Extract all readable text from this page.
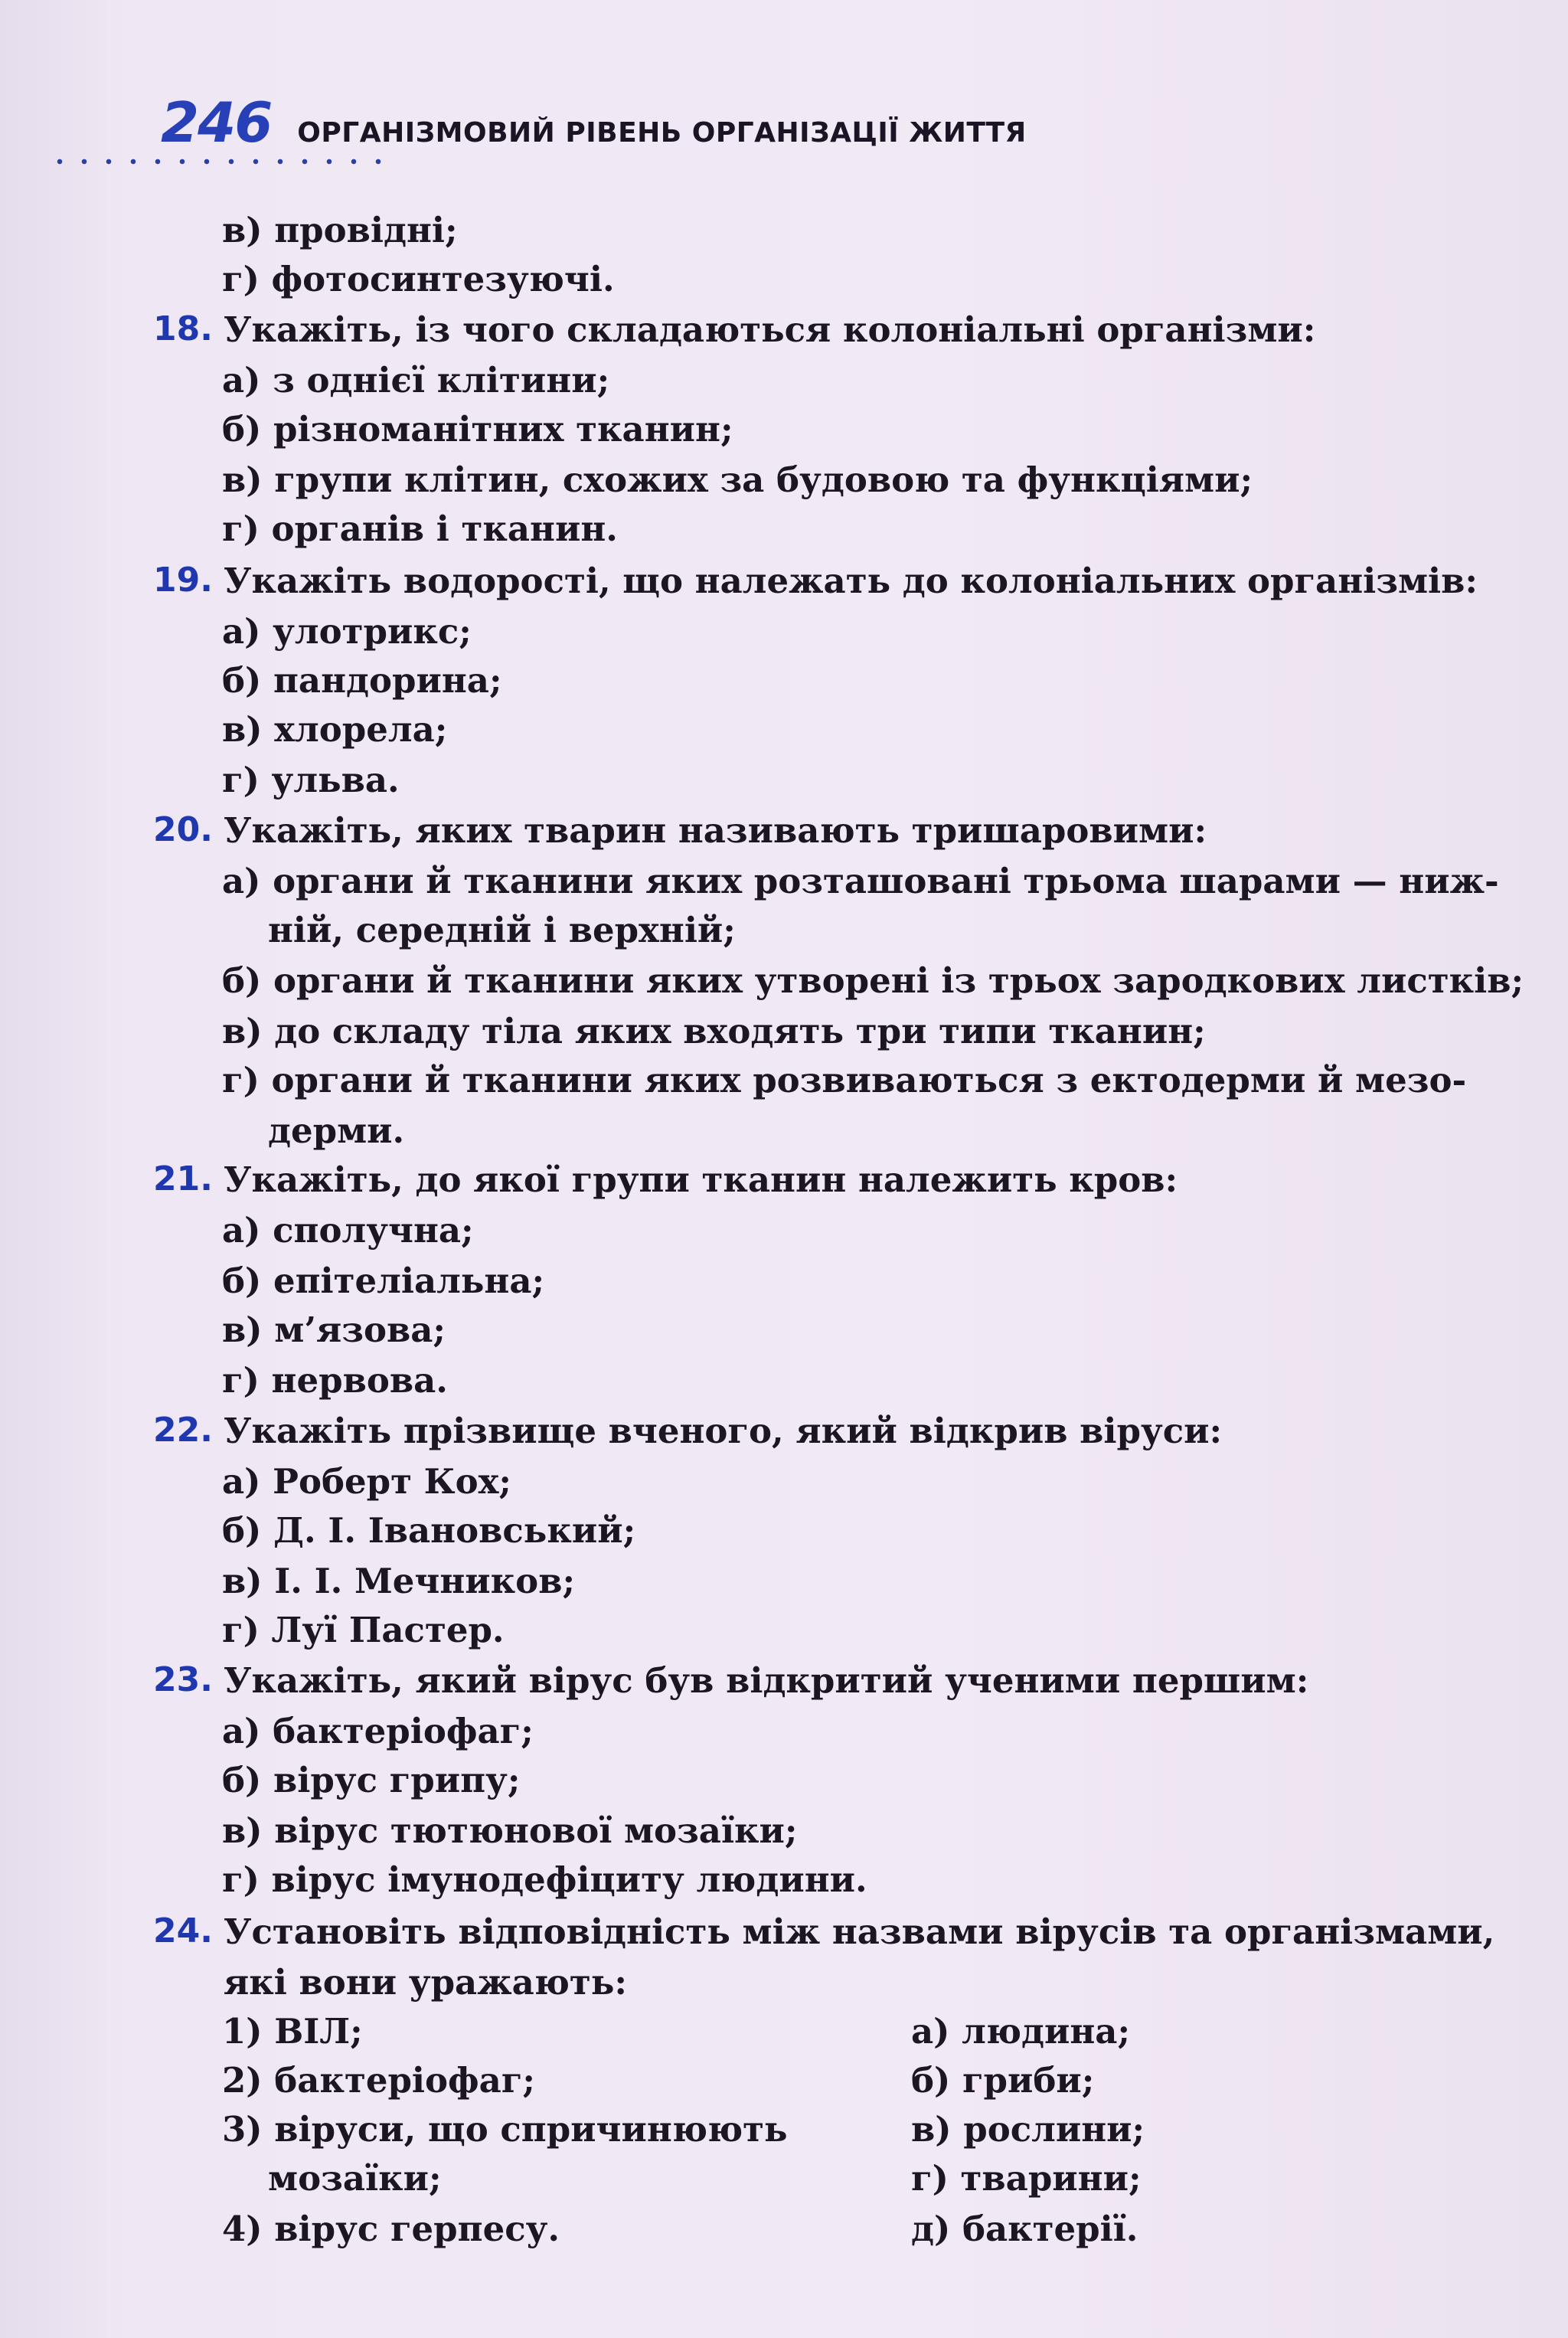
246 ОРГАНІЗМОВИЙ РІВЕНЬ ОРГАНІЗАЦІЇ ЖИТТЯ
в) провідні;
г) фотосинтезуючі.
18. Укажіть, із чого складаються колоніальні організми:
а) з однієї клітини;
б) різноманітних тканин;
в) групи клітин, схожих за будовою та функціями;
г) органів і тканин.
19. Укажіть водорості, що належать до колоніальних організмів:
а) улотрикс;
б) пандорина;
в) хлорела;
г) ульва.
20. Укажіть, яких тварин називають тришаровими:
а) органи й тканини яких розташовані трьома шарами — ниж-
ній, середній і верхній;
б) органи й тканини яких утворені із трьох зародкових листків;
в) до складу тіла яких входять три типи тканин;
г) органи й тканини яких розвиваються з ектодерми й мезо-
дерми.
21. Укажіть, до якої групи тканин належить кров:
а) сполучна;
б) епітеліальна;
в) м’язова;
г) нервова.
22. Укажіть прізвище вченого, який відкрив віруси:
а) Роберт Кох;
б) Д. І. Івановський;
в) І. І. Мечников;
г) Луї Пастер.
23. Укажіть, який вірус був відкритий ученими першим:
а) бактеріофаг;
б) вірус грипу;
в) вірус тютюнової мозаїки;
г) вірус імунодефіциту людини.
24. Установіть відповідність між назвами вірусів та організмами,
які вони уражають:
1) ВІЛ;
2) бактеріофаг;
3) віруси, що спричинюють
мозаїки;
4) вірус герпесу.
а) людина;
б) гриби;
в) рослини;
г) тварини;
д) бактерії.
